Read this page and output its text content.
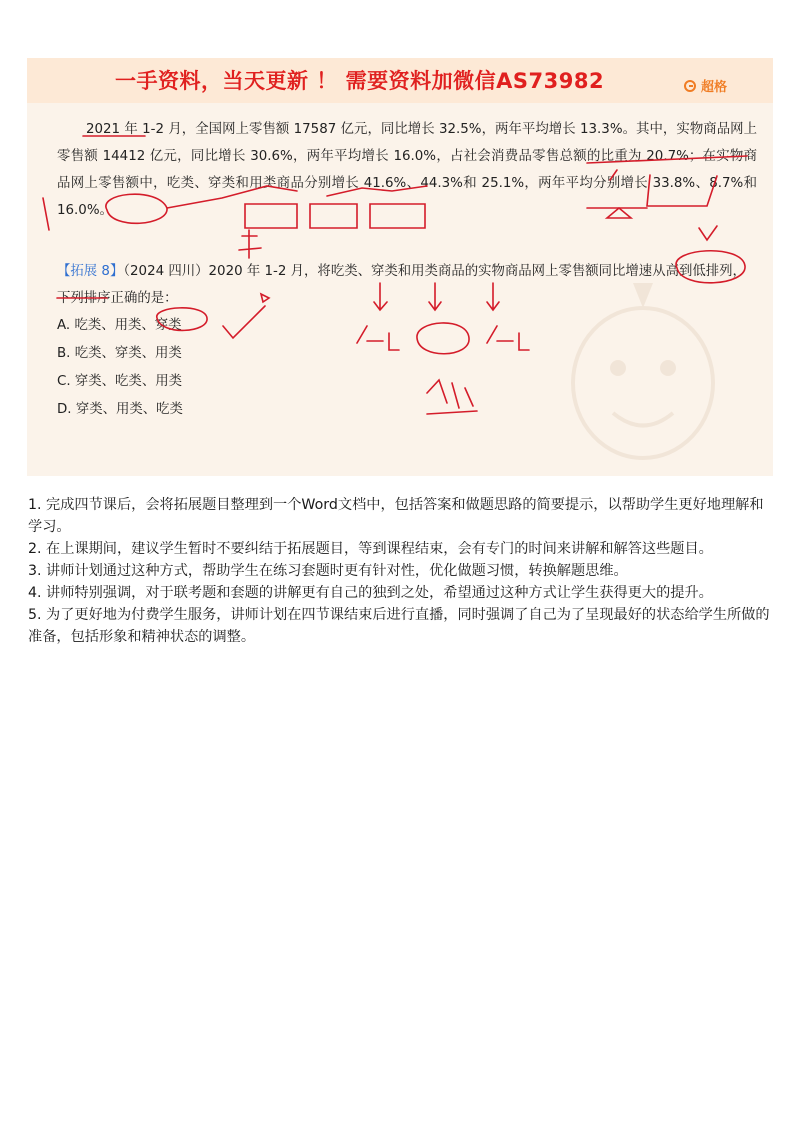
一手资料，当天更新 ！ 需要资料加微信AS73982	超格
2021 年 1-2 月，全国网上零售额 17587 亿元，同比增长 32.5%，两年平均增长 13.3%。其中，实物商品网上零售额 14412 亿元，同比增长 30.6%，两年平均增长 16.0%，占社会消费品零售总额的比重为 20.7%；在实物商品网上零售额中，吃类、穿类和用类商品分别增长 41.6%、44.3%和 25.1%，两年平均分别增长 33.8%、8.7%和 16.0%。
【拓展 8】（2024 四川）2020 年 1-2 月，将吃类、穿类和用类商品的实物商品网上零售额同比增速从高到低排列，下列排序正确的是：
A. 吃类、用类、穿类
B. 吃类、穿类、用类
C. 穿类、吃类、用类
D. 穿类、用类、吃类

1. 完成四节课后，会将拓展题目整理到一个Word文档中，包括答案和做题思路的简要提示，以帮助学生更好地理解和学习。

2. 在上课期间，建议学生暂时不要纠结于拓展题目，等到课程结束，会有专门的时间来讲解和解答这些题目。

3. 讲师计划通过这种方式，帮助学生在练习套题时更有针对性，优化做题习惯，转换解题思维。

4. 讲师特别强调，对于联考题和套题的讲解更有自己的独到之处，希望通过这种方式让学生获得更大的提升。

5. 为了更好地为付费学生服务，讲师计划在四节课结束后进行直播，同时强调了自己为了呈现最好的状态给学生所做的准备，包括形象和精神状态的调整。
